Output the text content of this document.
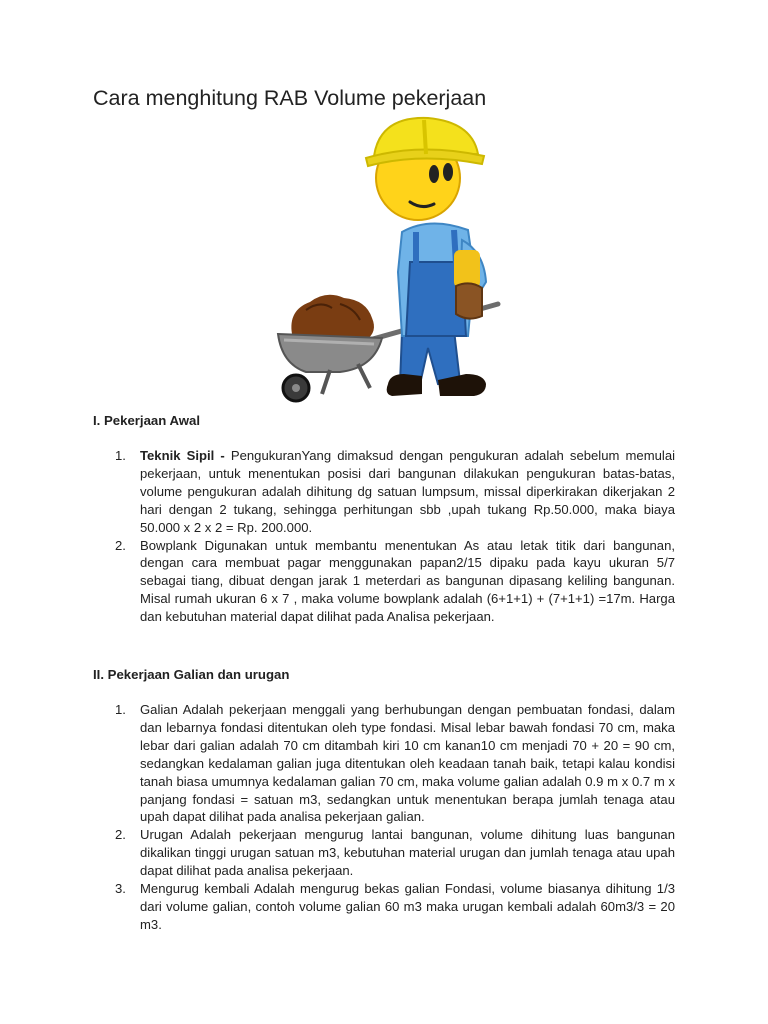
Cara menghitung RAB Volume pekerjaan
I. Pekerjaan Awal
1. Teknik Sipil - PengukuranYang dimaksud dengan pengukuran adalah sebelum memulai pekerjaan, untuk menentukan posisi dari bangunan dilakukan pengukuran batas-batas, volume pengukuran adalah dihitung dg satuan lumpsum, missal diperkirakan dikerjakan 2 hari dengan 2 tukang, sehingga perhitungan sbb ,upah tukang Rp.50.000, maka biaya 50.000 x 2 x 2 = Rp. 200.000.
2. Bowplank Digunakan untuk membantu menentukan As atau letak titik dari bangunan, dengan cara membuat pagar menggunakan papan2/15 dipaku pada kayu ukuran 5/7 sebagai tiang, dibuat dengan jarak 1 meterdari as bangunan dipasang keliling bangunan. Misal rumah ukuran 6 x 7 , maka volume bowplank adalah (6+1+1) + (7+1+1) =17m. Harga dan kebutuhan material dapat dilihat pada Analisa pekerjaan.
II. Pekerjaan Galian dan urugan
1. Galian Adalah pekerjaan menggali yang berhubungan dengan pembuatan fondasi, dalam dan lebarnya fondasi ditentukan oleh type fondasi. Misal lebar bawah fondasi 70 cm, maka lebar dari galian adalah 70 cm ditambah kiri 10 cm kanan10 cm menjadi 70 + 20 = 90 cm, sedangkan kedalaman galian juga ditentukan oleh keadaan tanah baik, tetapi kalau kondisi tanah biasa umumnya kedalaman galian 70 cm, maka volume galian adalah 0.9 m x 0.7 m x panjang fondasi = satuan m3, sedangkan untuk menentukan berapa jumlah tenaga atau upah dapat dilihat pada analisa pekerjaan galian.
2. Urugan Adalah pekerjaan mengurug lantai bangunan, volume dihitung luas bangunan dikalikan tinggi urugan satuan m3, kebutuhan material urugan dan jumlah tenaga atau upah dapat dilihat pada analisa pekerjaan.
3. Mengurug kembali Adalah mengurug bekas galian Fondasi, volume biasanya dihitung 1/3 dari volume galian, contoh volume galian 60 m3 maka urugan kembali adalah 60m3/3 = 20 m3.
